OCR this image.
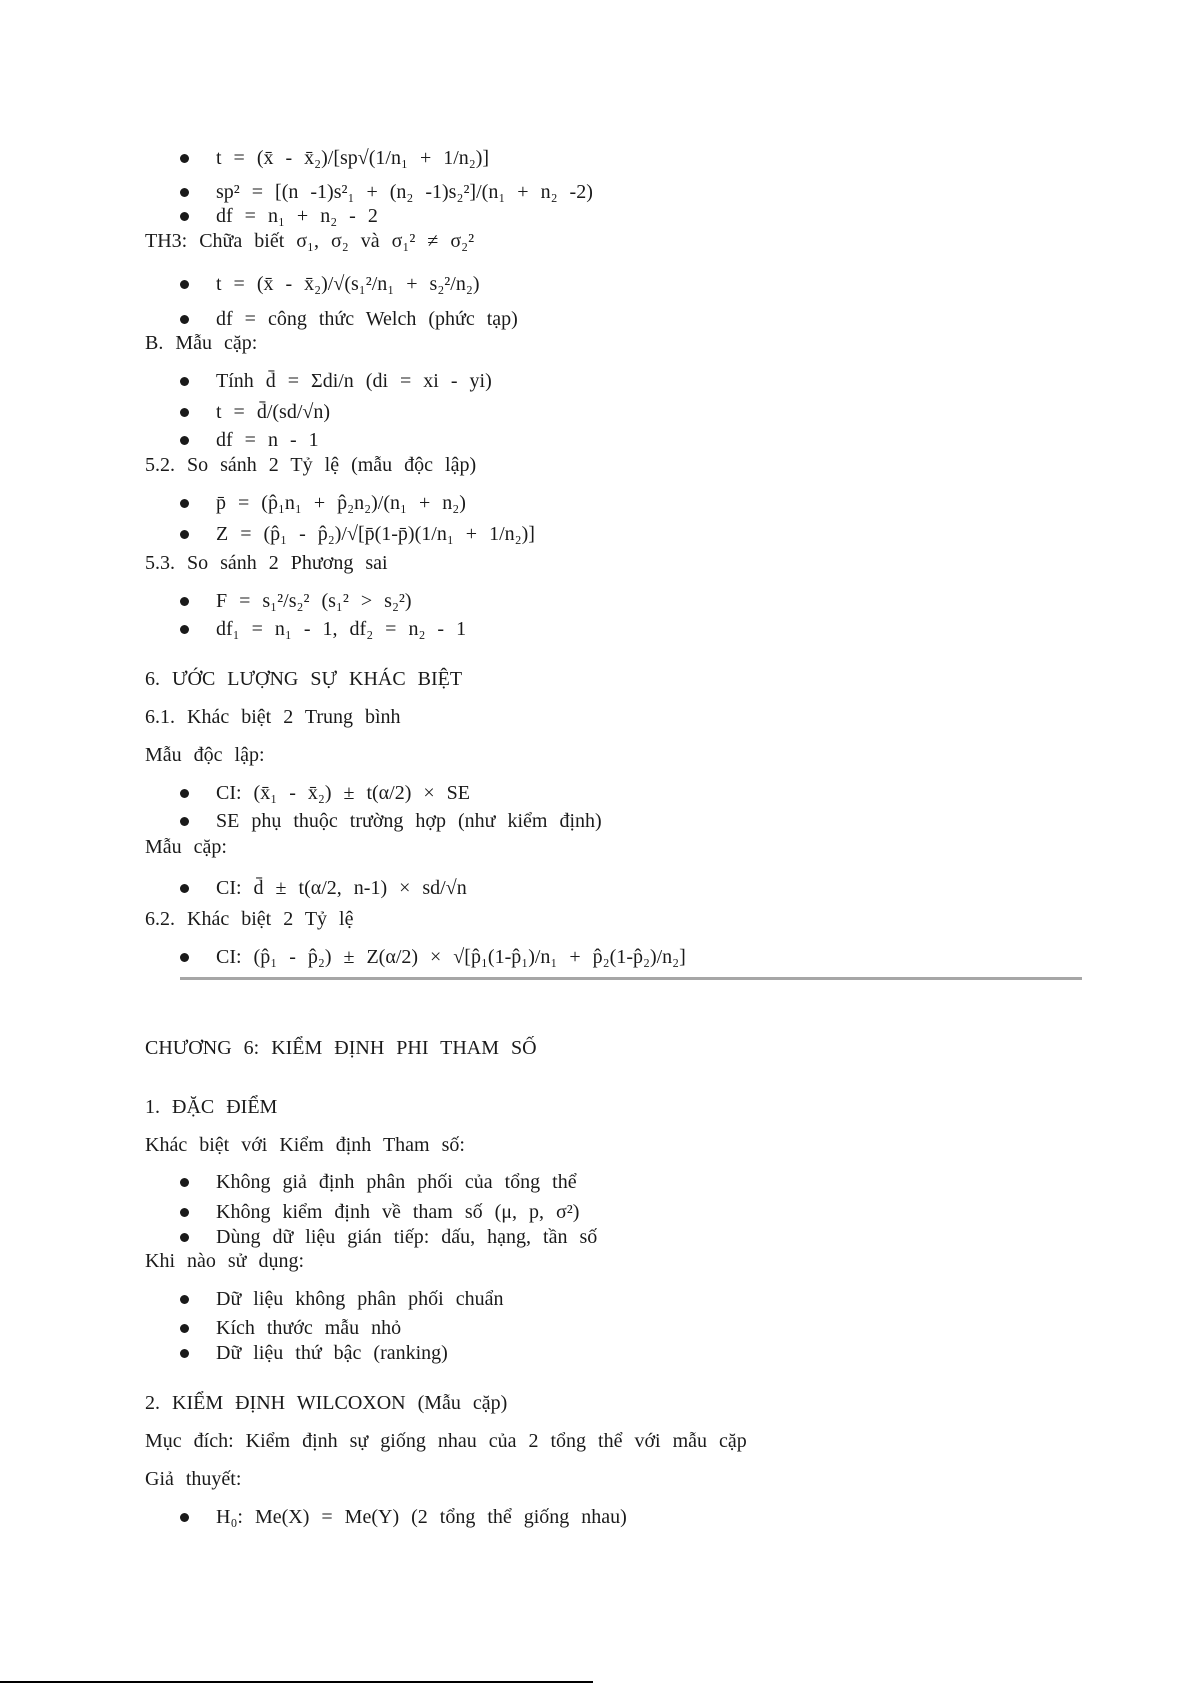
t = (x̄ - x̄₂)/[sp√(1/n₁ + 1/n₂)]

sp² = [(n -1)s²₁ + (n₂ -1)s₂²]/(n₁ + n₂ -2)

df = n₁ + n₂ - 2

TH3: Chữa biết σ₁, σ₂ và σ₁² ≠ σ₂²

t = (x̄ - x̄₂)/√(s₁²/n₁ + s₂²/n₂)

df = công thức Welch (phức tạp)

B. Mẫu cặp:

Tính d̄ = Σdi/n (di = xi - yi)

t = d̄/(sd/√n)

df = n - 1

5.2. So sánh 2 Tỷ lệ (mẫu độc lập)

p̄ = (p̂₁n₁ + p̂₂n₂)/(n₁ + n₂)

Z = (p̂₁ - p̂₂)/√[p̄(1-p̄)(1/n₁ + 1/n₂)]

5.3. So sánh 2 Phương sai

F = s₁²/s₂² (s₁² > s₂²)

df₁ = n₁ - 1, df₂ = n₂ - 1

6. ƯỚC LƯỢNG SỰ KHÁC BIỆT

6.1. Khác biệt 2 Trung bình

Mẫu độc lập:

CI: (x̄₁ - x̄₂) ± t(α/2) × SE

SE phụ thuộc trường hợp (như kiểm định)

Mẫu cặp:

CI: d̄ ± t(α/2, n-1) × sd/√n

6.2. Khác biệt 2 Tỷ lệ

CI: (p̂₁ - p̂₂) ± Z(α/2) × √[p̂₁(1-p̂₁)/n₁ + p̂₂(1-p̂₂)/n₂]

CHƯƠNG 6: KIỂM ĐỊNH PHI THAM SỐ

1. ĐẶC ĐIỂM

Khác biệt với Kiểm định Tham số:

Không giả định phân phối của tổng thể

Không kiểm định về tham số (μ, p, σ²)

Dùng dữ liệu gián tiếp: dấu, hạng, tần số

Khi nào sử dụng:

Dữ liệu không phân phối chuẩn

Kích thước mẫu nhỏ

Dữ liệu thứ bậc (ranking)

2. KIỂM ĐỊNH WILCOXON (Mẫu cặp)

Mục đích: Kiểm định sự giống nhau của 2 tổng thể với mẫu cặp

Giả thuyết:

H₀: Me(X) = Me(Y) (2 tổng thể giống nhau)
